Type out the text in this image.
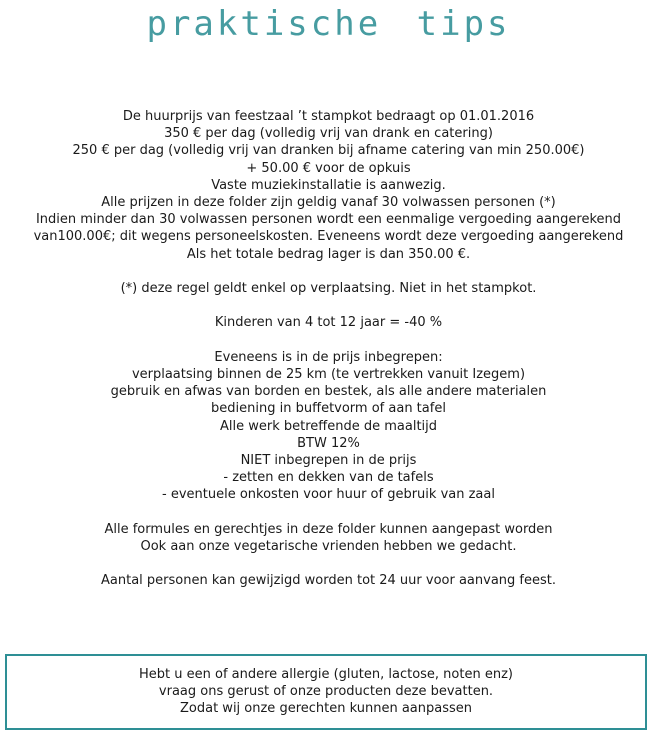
praktische tips
De huurprijs van feestzaal ’t stampkot bedraagt op 01.01.2016
350 € per dag (volledig vrij van drank en catering)
250 € per dag (volledig vrij van dranken bij afname catering van min 250.00€)
+ 50.00 € voor de opkuis
Vaste muziekinstallatie is aanwezig.
Alle prijzen in deze folder zijn geldig vanaf 30 volwassen personen (*)
Indien minder dan 30 volwassen personen wordt een eenmalige vergoeding aangerekend
van100.00€; dit wegens personeelskosten. Eveneens wordt deze vergoeding aangerekend
Als het totale bedrag lager is dan 350.00 €.
(*) deze regel geldt enkel op verplaatsing. Niet in het stampkot.
Kinderen van 4 tot 12 jaar = -40 %
Eveneens is in de prijs inbegrepen:
verplaatsing binnen de 25 km (te vertrekken vanuit Izegem)
gebruik en afwas van borden en bestek, als alle andere materialen
bediening in buffetvorm of aan tafel
Alle werk betreffende de maaltijd
BTW 12%
NIET inbegrepen in de prijs
- zetten en dekken van de tafels
- eventuele onkosten voor huur of gebruik van zaal
Alle formules en gerechtjes in deze folder kunnen aangepast worden
Ook aan onze vegetarische vrienden hebben we gedacht.
Aantal personen kan gewijzigd worden tot 24 uur voor aanvang feest.
Hebt u een of andere allergie (gluten, lactose, noten enz)
vraag ons gerust of onze producten deze bevatten.
Zodat wij onze gerechten kunnen aanpassen
